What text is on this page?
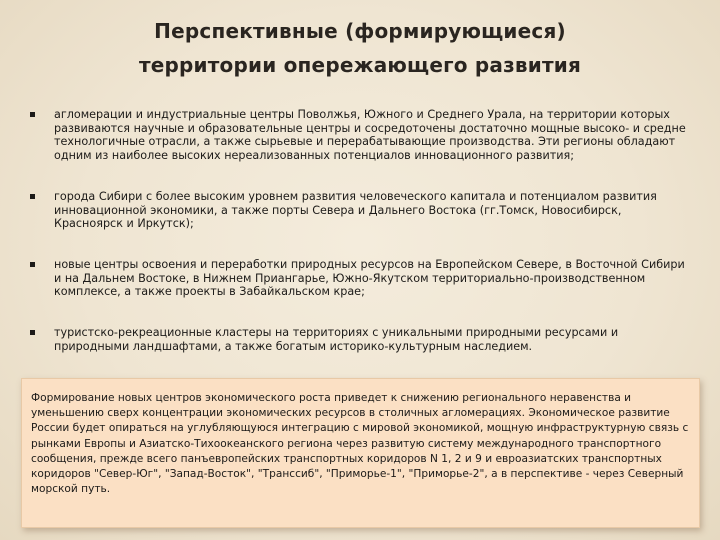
Перспективные (формирующиеся)
территории опережающего развития
агломерации и индустриальные центры Поволжья, Южного и Среднего Урала, на территории которых развиваются научные и образовательные центры и сосредоточены достаточно мощные высоко- и средне технологичные отрасли, а также сырьевые и перерабатывающие производства. Эти регионы обладают одним из наиболее высоких нереализованных потенциалов инновационного развития;
города Сибири с более высоким уровнем развития человеческого капитала и потенциалом развития инновационной экономики, а также порты Севера и Дальнего Востока (гг.Томск, Новосибирск, Красноярск и Иркутск);
новые центры освоения и переработки природных ресурсов на Европейском Севере, в Восточной Сибири и на Дальнем Востоке, в Нижнем Приангарье, Южно-Якутском территориально-производственном комплексе, а также проекты в Забайкальском крае;
туристско-рекреационные кластеры на территориях с уникальными природными ресурсами и природными ландшафтами, а также богатым историко-культурным наследием.
Формирование новых центров экономического роста приведет к снижению регионального неравенства и уменьшению сверх концентрации экономических ресурсов в столичных агломерациях. Экономическое развитие России будет опираться на углубляющуюся интеграцию с мировой экономикой, мощную инфраструктурную связь с рынками Европы и Азиатско-Тихоокеанского региона через развитую систему международного транспортного сообщения, прежде всего панъевропейских транспортных коридоров N 1, 2 и 9 и евроазиатских транспортных коридоров "Север-Юг", "Запад-Восток", "Транссиб", "Приморье-1", "Приморье-2", а в перспективе - через Северный морской путь.
